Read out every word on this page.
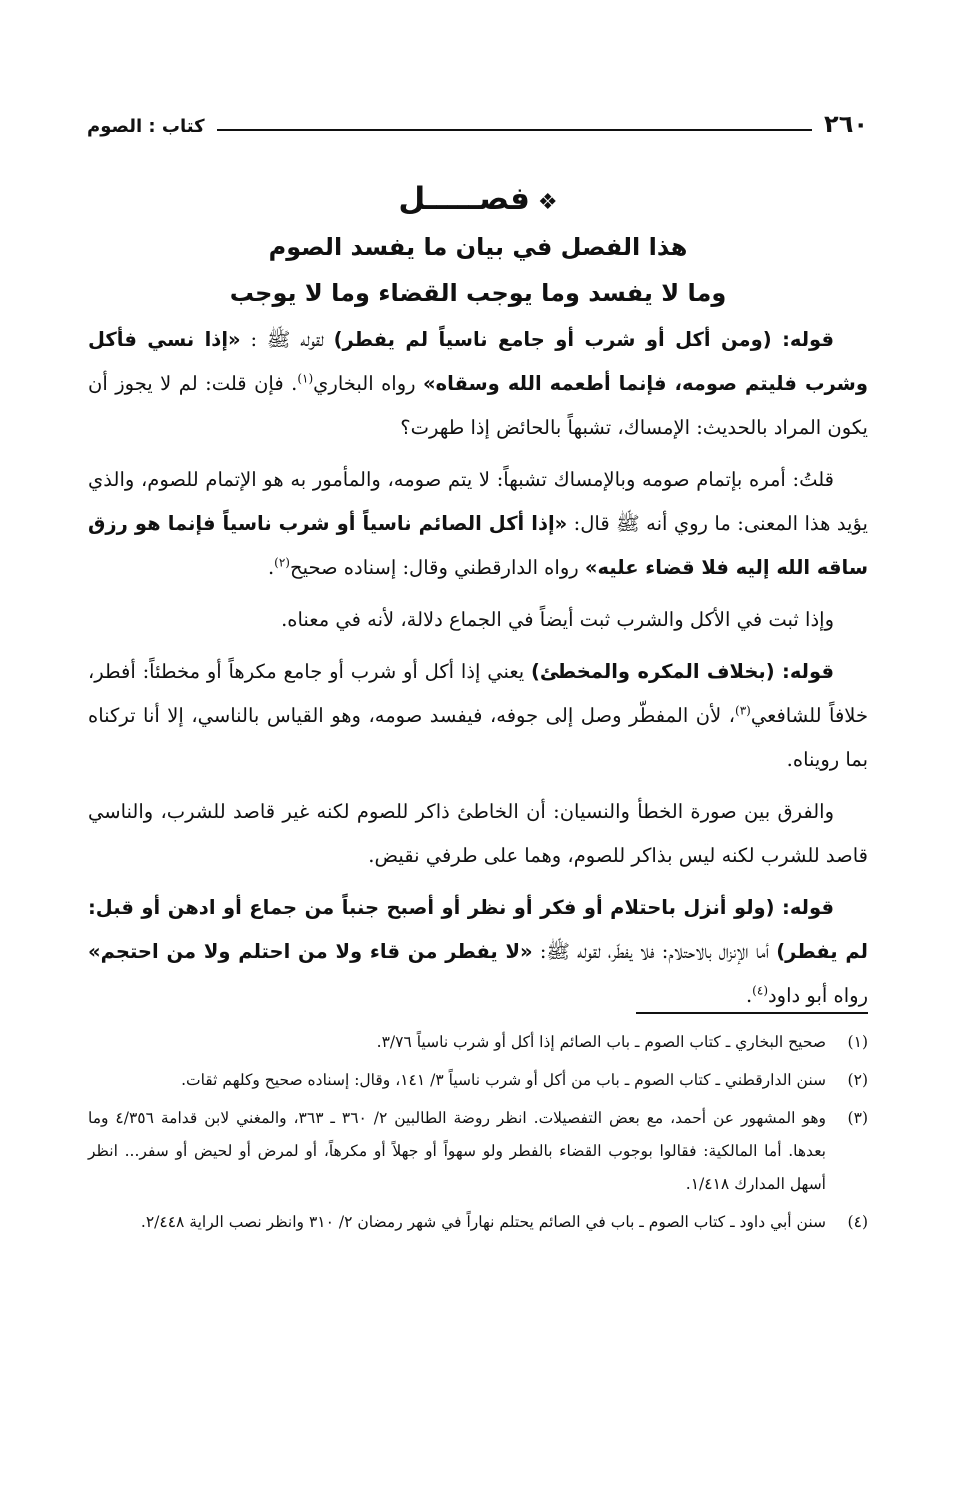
٢٦٠
كتاب : الصوم
❖فصـــــل
هذا الفصل في بيان ما يفسد الصوم
وما لا يفسد وما يوجب القضاء وما لا يوجب

قوله: (ومن أكل أو شرب أو جامع ناسياً لم يفطر) لقوله ﷺ : «إذا نسي فأكل وشرب فليتم صومه، فإنما أطعمه الله وسقاه» رواه البخاري$^{(١)}$. فإن قلت: لم لا يجوز أن يكون المراد بالحديث: الإمساك، تشبهاً بالحائض إذا طهرت؟

قلتُ: أمره بإتمام صومه وبالإمساك تشبهاً: لا يتم صومه، والمأمور به هو الإتمام للصوم، والذي يؤيد هذا المعنى: ما روي أنه ﷺ قال: «إذا أكل الصائم ناسياً أو شرب ناسياً فإنما هو رزق ساقه الله إليه فلا قضاء عليه» رواه الدارقطني وقال: إسناده صحيح$^{(٢)}$.

وإذا ثبت في الأكل والشرب ثبت أيضاً في الجماع دلالة، لأنه في معناه.

قوله: (بخلاف المكره والمخطئ) يعني إذا أكل أو شرب أو جامع مكرهاً أو مخطئاً: أفطر، خلافاً للشافعي$^{(٣)}$، لأن المفطّر وصل إلى جوفه، فيفسد صومه، وهو القياس بالناسي، إلا أنا تركناه بما رويناه.

والفرق بين صورة الخطأ والنسيان: أن الخاطئ ذاكر للصوم لكنه غير قاصد للشرب، والناسي قاصد للشرب لكنه ليس بذاكر للصوم، وهما على طرفي نقيض.

قوله: (ولو أنزل باحتلام أو فكر أو نظر أو أصبح جنباً من جماع أو ادهن أو قبل: لم يفطر) أما الإنزال بالاحتلام: فلا يفطّر، لقوله ﷺ: «لا يفطر من قاء ولا من احتلم ولا من احتجم» رواه أبو داود$^{(٤)}$.

(١)
صحيح البخاري ـ كتاب الصوم ـ باب الصائم إذا أكل أو شرب ناسياً ٣/٧٦.
(٢)
سنن الدارقطني ـ كتاب الصوم ـ باب من أكل أو شرب ناسياً ٣/ ١٤١، وقال: إسناده صحيح وكلهم ثقات.
(٣)
وهو المشهور عن أحمد، مع بعض التفصيلات. انظر روضة الطالبين ٢/ ٣٦٠ ـ ٣٦٣، والمغني لابن قدامة ٤/٣٥٦ وما بعدها. أما المالكية: فقالوا بوجوب القضاء بالفطر ولو سهواً أو جهلاً أو مكرهاً، أو لمرض أو لحيض أو سفر... انظر أسهل المدارك ١/٤١٨.
(٤)
سنن أبي داود ـ كتاب الصوم ـ باب في الصائم يحتلم نهاراً في شهر رمضان ٢/ ٣١٠ وانظر نصب الراية ٢/٤٤٨.
